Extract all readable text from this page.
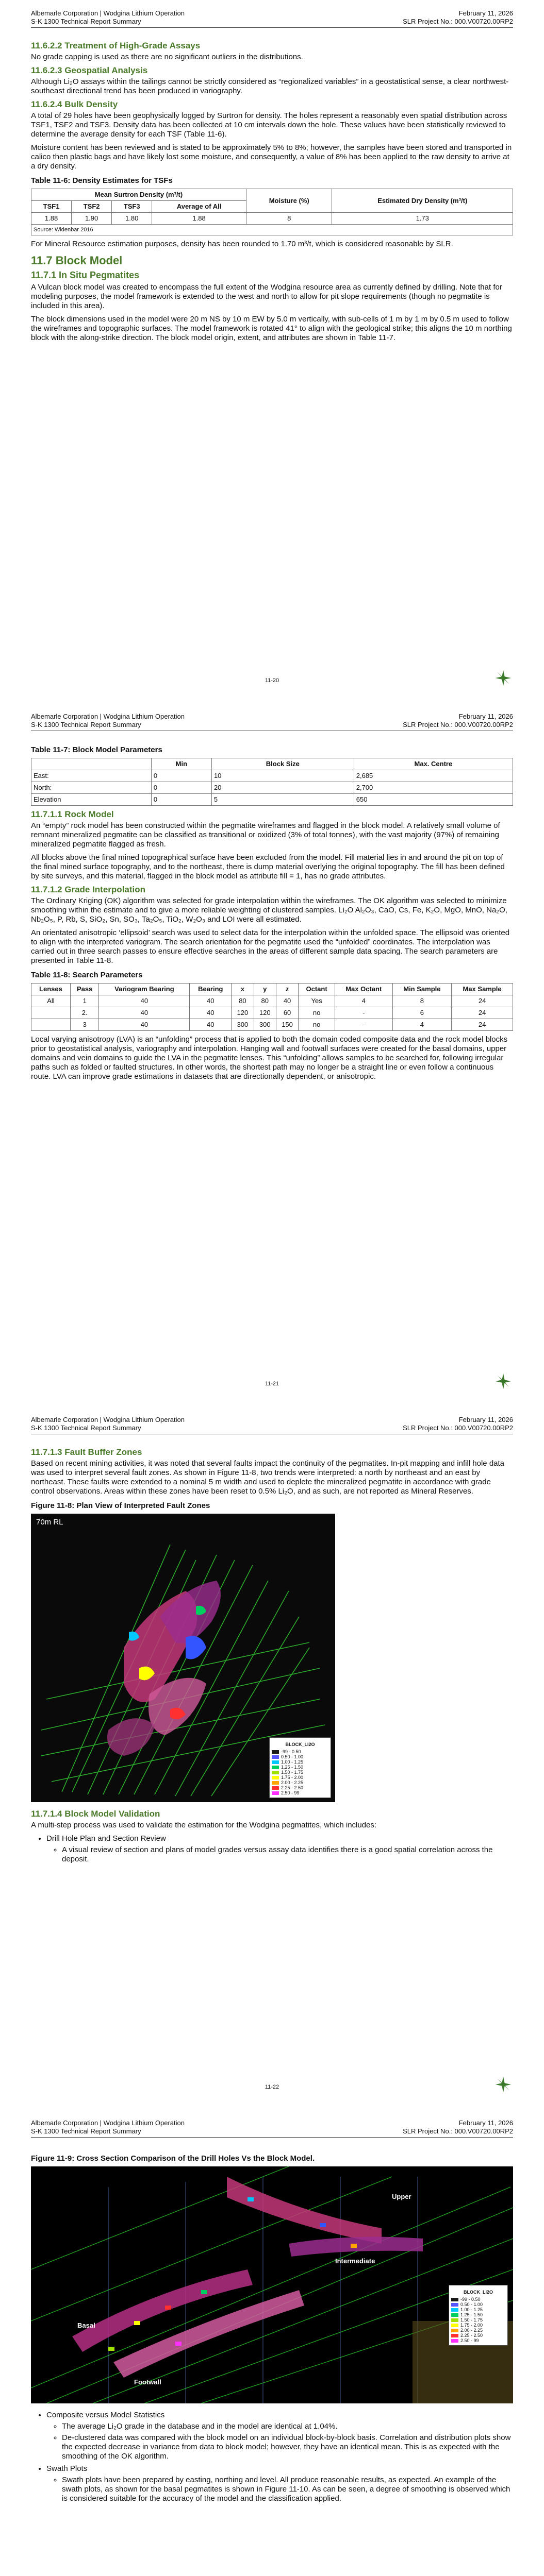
Albemarle Corporation | Wodgina Lithium Operation
S-K 1300 Technical Report Summary
February 11, 2026
SLR Project No.: 000.V00720.00RP2
11.6.2.2 Treatment of High-Grade Assays

No grade capping is used as there are no significant outliers in the distributions.

11.6.2.3 Geospatial Analysis

Although Li₂O assays within the tailings cannot be strictly considered as “regionalized variables” in a geostatistical sense, a clear northwest-southeast directional trend has been produced in variography.

11.6.2.4 Bulk Density

A total of 29 holes have been geophysically logged by Surtron for density. The holes represent a reasonably even spatial distribution across TSF1, TSF2 and TSF3. Density data has been collected at 10 cm intervals down the hole. These values have been statistically reviewed to determine the average density for each TSF (Table 11-6).

Moisture content has been reviewed and is stated to be approximately 5% to 8%; however, the samples have been stored and transported in calico then plastic bags and have likely lost some moisture, and consequently, a value of 8% has been applied to the raw density to arrive at a dry density.

Table 11-6: Density Estimates for TSFs
Mean Surtron Density (m³/t)				Moisture (%)	Estimated Dry Density (m³/t)
TSF1	TSF2	TSF3	Average of All		
1.88	1.90	1.80	1.88	8	1.73
Source: Widenbar 2016

For Mineral Resource estimation purposes, density has been rounded to 1.70 m³/t, which is considered reasonable by SLR.

11.7 Block Model
11.7.1 In Situ Pegmatites

A Vulcan block model was created to encompass the full extent of the Wodgina resource area as currently defined by drilling. Note that for modeling purposes, the model framework is extended to the west and north to allow for pit slope requirements (though no pegmatite is included in this area).

The block dimensions used in the model were 20 m NS by 10 m EW by 5.0 m vertically, with sub-cells of 1 m by 1 m by 0.5 m used to follow the wireframes and topographic surfaces. The model framework is rotated 41° to align with the geological strike; this aligns the 10 m northing block with the along-strike direction. The block model origin, extent, and attributes are shown in Table 11-7.

11-20
Albemarle Corporation | Wodgina Lithium Operation
S-K 1300 Technical Report Summary
February 11, 2026
SLR Project No.: 000.V00720.00RP2
Table 11-7: Block Model Parameters
	Min	Block Size	Max. Centre
East:	0	10	2,685
North:	0	20	2,700
Elevation	0	5	650
11.7.1.1 Rock Model

An “empty” rock model has been constructed within the pegmatite wireframes and flagged in the block model. A relatively small volume of remnant mineralized pegmatite can be classified as transitional or oxidized (3% of total tonnes), with the vast majority (97%) of remaining mineralized pegmatite flagged as fresh.

All blocks above the final mined topographical surface have been excluded from the model. Fill material lies in and around the pit on top of the final mined surface topography, and to the northeast, there is dump material overlying the original topography. The fill has been defined by site surveys, and this material, flagged in the block model as attribute fill = 1, has no grade attributes.

11.7.1.2 Grade Interpolation

The Ordinary Kriging (OK) algorithm was selected for grade interpolation within the wireframes. The OK algorithm was selected to minimize smoothing within the estimate and to give a more reliable weighting of clustered samples. Li₂O Al₂O₃, CaO, Cs, Fe, K₂O, MgO, MnO, Na₂O, Nb₂O₅, P, Rb, S, SiO₂, Sn, SO₃, Ta₂O₅, TiO₂, W₂O₃ and LOI were all estimated.

An orientated anisotropic ‘ellipsoid’ search was used to select data for the interpolation within the unfolded space. The ellipsoid was oriented to align with the interpreted variogram. The search orientation for the pegmatite used the “unfolded” coordinates. The interpolation was carried out in three search passes to ensure effective searches in the areas of different sample data spacing. The search parameters are presented in Table 11-8.

Table 11-8: Search Parameters
Lenses	Pass	Variogram Bearing	Bearing	x	y	z	Octant	Max Octant	Min Sample	Max Sample
All	1	40	40	80	80	40	Yes	4	8	24
	2.	40	40	120	120	60	no	-	6	24
	3	40	40	300	300	150	no	-	4	24

Local varying anisotropy (LVA) is an “unfolding” process that is applied to both the domain coded composite data and the rock model blocks prior to geostatistical analysis, variography and interpolation. Hanging wall and footwall surfaces were created for the basal domains, upper domains and vein domains to guide the LVA in the pegmatite lenses. This “unfolding” allows samples to be searched for, following irregular paths such as folded or faulted structures. In other words, the shortest path may no longer be a straight line or even follow a continuous route. LVA can improve grade estimations in datasets that are directionally dependent, or anisotropic.

11-21
Albemarle Corporation | Wodgina Lithium Operation
S-K 1300 Technical Report Summary
February 11, 2026
SLR Project No.: 000.V00720.00RP2
11.7.1.3 Fault Buffer Zones

Based on recent mining activities, it was noted that several faults impact the continuity of the pegmatites. In-pit mapping and infill hole data was used to interpret several fault zones. As shown in Figure 11-8, two trends were interpreted: a north by northeast and an east by northeast. These faults were extended to a nominal 5 m width and used to deplete the mineralized pegmatite in accordance with grade control observations. Areas within these zones have been reset to 0.5% Li₂O, and as such, are not reported as Mineral Reserves.

Figure 11-8: Plan View of Interpreted Fault Zones
70m RL
BLOCK_LI2O
-99 - 0.50
0.50 - 1.00
1.00 - 1.25
1.25 - 1.50
1.50 - 1.75
1.75 - 2.00
2.00 - 2.25
2.25 - 2.50
2.50 - 99
11.7.1.4 Block Model Validation

A multi-step process was used to validate the estimation for the Wodgina pegmatites, which includes:

• Drill Hole Plan and Section Review
◦ A visual review of section and plans of model grades versus assay data identifies there is a good spatial correlation across the deposit.
11-22
Albemarle Corporation | Wodgina Lithium Operation
S-K 1300 Technical Report Summary
February 11, 2026
SLR Project No.: 000.V00720.00RP2
Figure 11-9: Cross Section Comparison of the Drill Holes Vs the Block Model.
Upper
Intermediate
Basal
Footwall
BLOCK_LI2O
-99 - 0.50
0.50 - 1.00
1.00 - 1.25
1.25 - 1.50
1.50 - 1.75
1.75 - 2.00
2.00 - 2.25
2.25 - 2.50
2.50 - 99
• Composite versus Model Statistics
◦ The average Li₂O grade in the database and in the model are identical at 1.04%.
◦ De-clustered data was compared with the block model on an individual block-by-block basis. Correlation and distribution plots show the expected decrease in variance from data to block model; however, they have an identical mean. This is as expected with the smoothing of the OK algorithm.
• Swath Plots
◦ Swath plots have been prepared by easting, northing and level. All produce reasonable results, as expected. An example of the swath plots, as shown for the basal pegmatites is shown in Figure 11-10. As can be seen, a degree of smoothing is observed which is considered suitable for the accuracy of the model and the classification applied.
